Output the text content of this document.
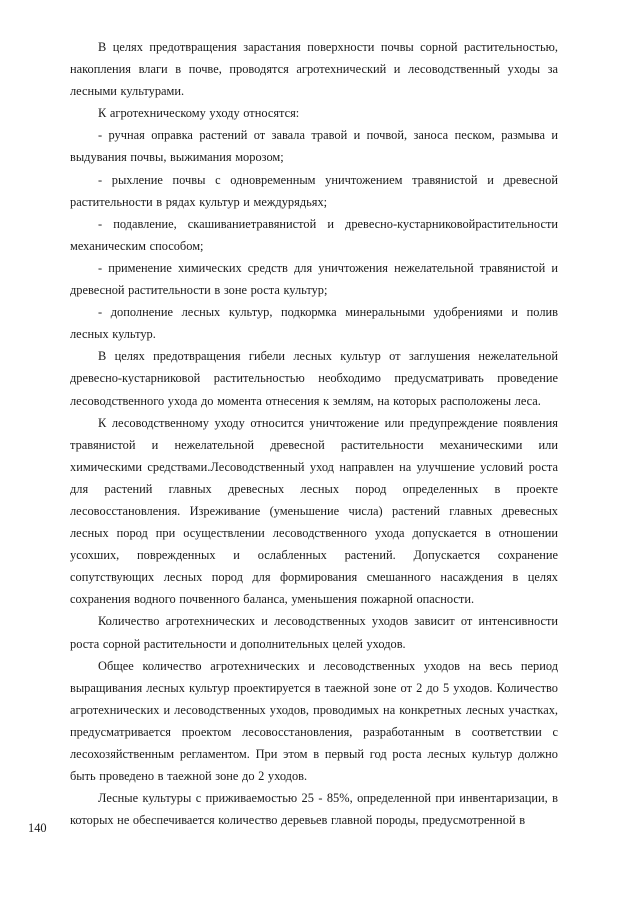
В целях предотвращения зарастания поверхности почвы сорной растительностью, накопления влаги в почве, проводятся агротехнический и лесоводственный уходы за лесными культурами.

К агротехническому уходу относятся:

- ручная оправка растений от завала травой и почвой, заноса песком, размыва и выдувания почвы, выжимания морозом;

- рыхление почвы с одновременным уничтожением травянистой и древесной растительности в рядах культур и междурядьях;

- подавление, скашиваниетравянистой и древесно-кустарниковойрастительности механическим способом;

- применение химических средств для уничтожения нежелательной травянистой и древесной растительности в зоне роста культур;

- дополнение лесных культур, подкормка минеральными удобрениями и полив лесных культур.

В целях предотвращения гибели лесных культур от заглушения нежелательной древесно-кустарниковой растительностью необходимо предусматривать проведение лесоводственного ухода до момента отнесения к землям, на которых расположены леса.

К лесоводственному уходу относится уничтожение или предупреждение появления травянистой и нежелательной древесной растительности механическими или химическими средствами.Лесоводственный уход направлен на улучшение условий роста для растений главных древесных лесных пород определенных в проекте лесовосстановления. Изреживание (уменьшение числа) растений главных древесных лесных пород при осуществлении лесоводственного ухода допускается в отношении усохших, поврежденных и ослабленных растений. Допускается сохранение сопутствующих лесных пород для формирования смешанного насаждения в целях сохранения водного почвенного баланса, уменьшения пожарной опасности.

Количество агротехнических и лесоводственных уходов зависит от интенсивности роста сорной растительности и дополнительных целей уходов.

Общее количество агротехнических и лесоводственных уходов на весь период выращивания лесных культур проектируется в таежной зоне от 2 до 5 уходов. Количество агротехнических и лесоводственных уходов, проводимых на конкретных лесных участках, предусматривается проектом лесовосстановления, разработанным в соответствии с лесохозяйственным регламентом. При этом в первый год роста лесных культур должно быть проведено в таежной зоне до 2 уходов.

Лесные культуры с приживаемостью 25 - 85%, определенной при инвентаризации, в которых не обеспечивается количество деревьев главной породы, предусмотренной в

140
